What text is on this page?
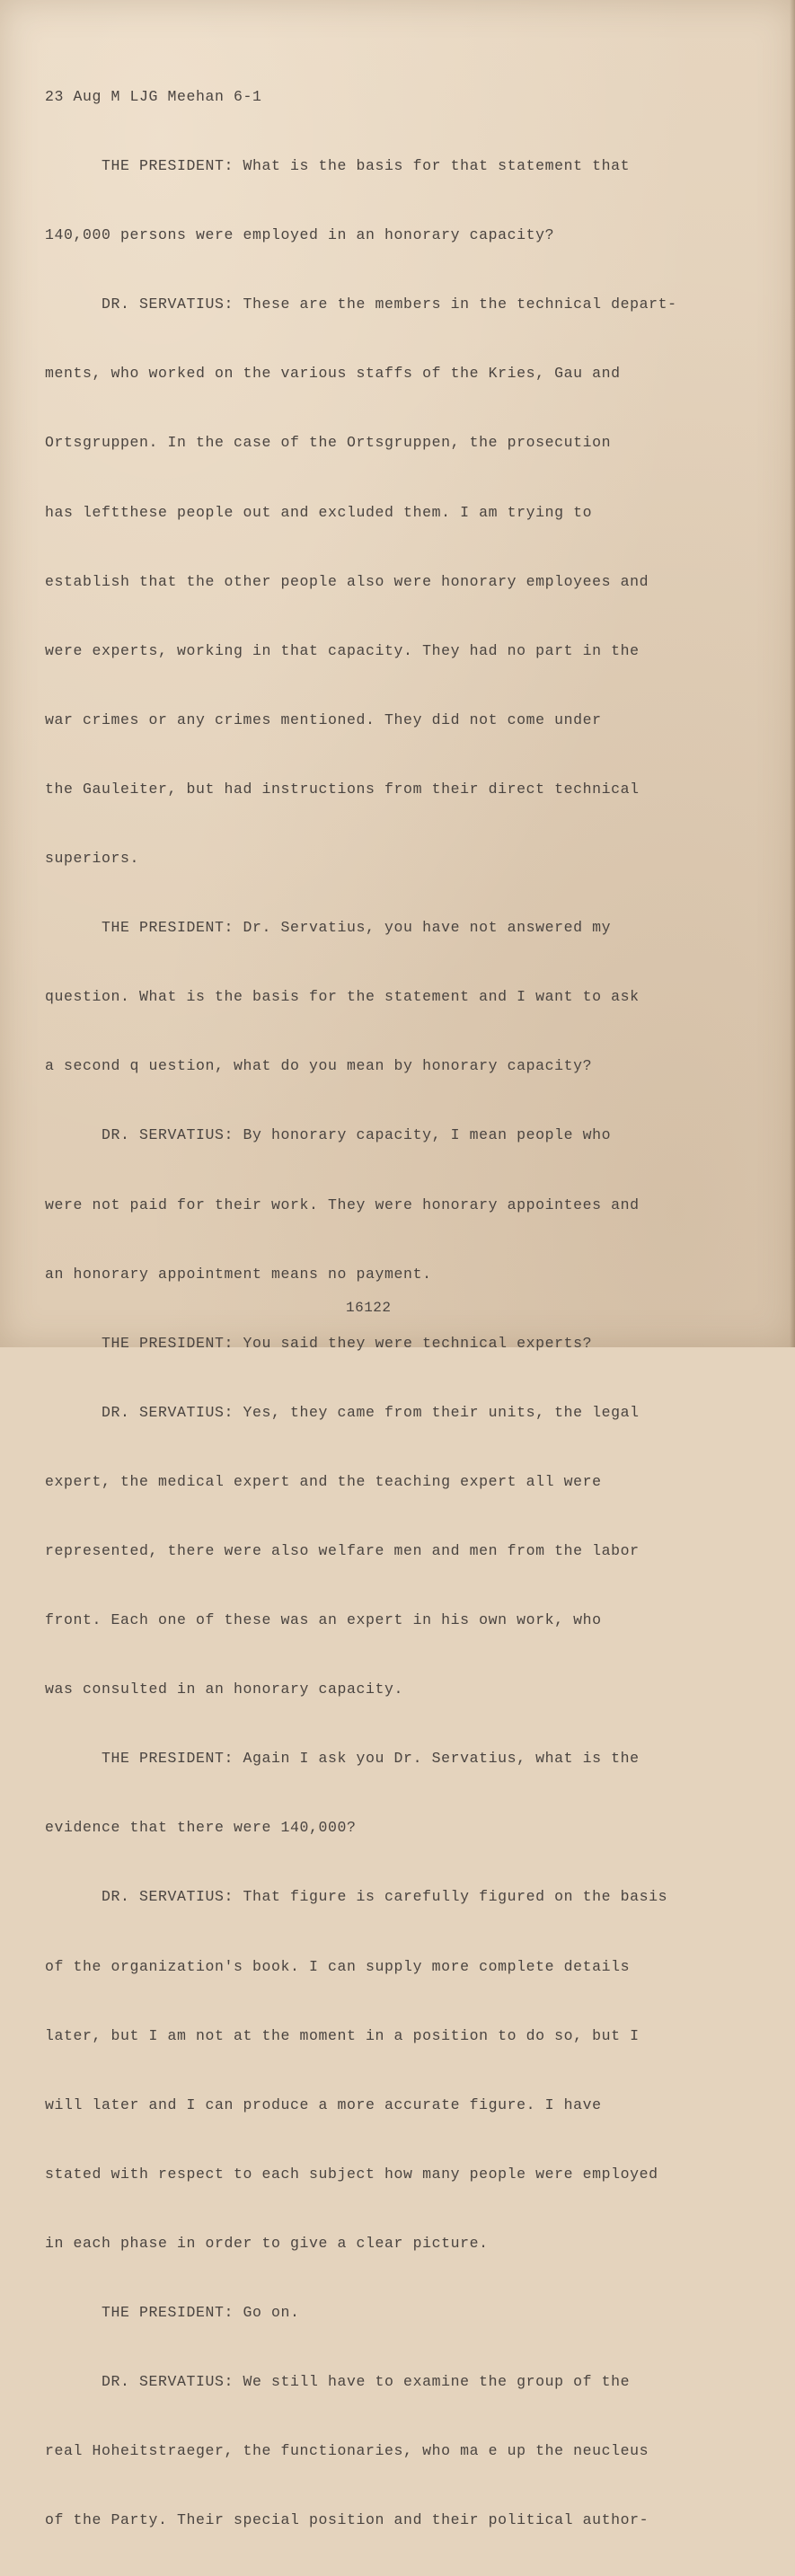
23 Aug M LJG Meehan 6-1

THE PRESIDENT: What is the basis for that statement that

140,000 persons were employed in an honorary capacity?

DR. SERVATIUS: These are the members in the technical depart-

ments, who worked on the various staffs of the Kries, Gau and

Ortsgruppen. In the case of the Ortsgruppen, the prosecution

has leftthese people out and excluded them. I am trying to

establish that the other people also were honorary employees and

were experts, working in that capacity. They had no part in the

war crimes or any crimes mentioned. They did not come under

the Gauleiter, but had instructions from their direct technical

superiors.

THE PRESIDENT: Dr. Servatius, you have not answered my

question. What is the basis for the statement and I want to ask

a second q uestion, what do you mean by honorary capacity?

DR. SERVATIUS: By honorary capacity, I mean people who

were not paid for their work. They were honorary appointees and

an honorary appointment means no payment.

THE PRESIDENT: You said they were technical experts?

DR. SERVATIUS: Yes, they came from their units, the legal

expert, the medical expert and the teaching expert all were

represented, there were also welfare men and men from the labor

front. Each one of these was an expert in his own work, who

was consulted in an honorary capacity.

THE PRESIDENT: Again I ask you Dr. Servatius, what is the

evidence that there were 140,000?

DR. SERVATIUS: That figure is carefully figured on the basis

of the organization's book. I can supply more complete details

later, but I am not at the moment in a position to do so, but I

will later and I can produce a more accurate figure. I have

stated with respect to each subject how many people were employed

in each phase in order to give a clear picture.

THE PRESIDENT: Go on.

DR. SERVATIUS: We still have to examine the group of the

real Hoheitstraeger, the functionaries, who ma e up the neucleus

of the Party. Their special position and their political author-

16122
